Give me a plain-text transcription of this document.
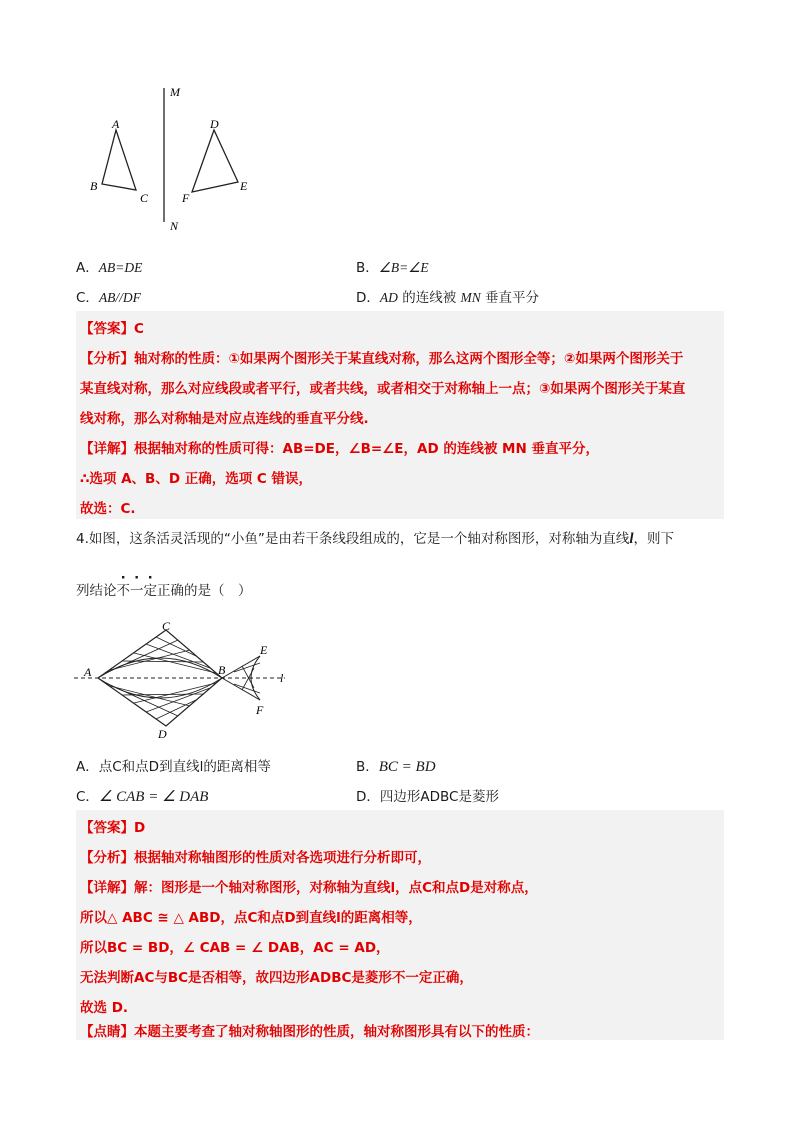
M
N
A
B
C
D
E
F
A．AB=DE	B．∠B=∠E
C．AB//DF	D．AD 的连线被 MN 垂直平分
【答案】C
【分析】轴对称的性质：①如果两个图形关于某直线对称，那么这两个图形全等；②如果两个图形关于
某直线对称，那么对应线段或者平行，或者共线，或者相交于对称轴上一点；③如果两个图形关于某直
线对称，那么对称轴是对应点连线的垂直平分线.
【详解】根据轴对称的性质可得：AB=DE，∠B=∠E，AD 的连线被 MN 垂直平分，
∴选项 A、B、D 正确，选项 C 错误，
故选：C.
4.如图，这条活灵活现的“小鱼”是由若干条线段组成的，它是一个轴对称图形，对称轴为直线l，则下
列结论不一定正确的是（　）
A
C
B
D
E
F
l
A．点C和点D到直线l的距离相等	B．BC = BD
C．∠ CAB = ∠ DAB	D．四边形ADBC是菱形
【答案】D
【分析】根据轴对称轴图形的性质对各选项进行分析即可，
【详解】解：图形是一个轴对称图形，对称轴为直线l，点C和点D是对称点，
所以△ ABC ≅ △ ABD，点C和点D到直线l的距离相等，
所以BC = BD，∠ CAB = ∠ DAB，AC = AD，
无法判断AC与BC是否相等，故四边形ADBC是菱形不一定正确，
故选 D.
【点睛】本题主要考查了轴对称轴图形的性质，轴对称图形具有以下的性质：
